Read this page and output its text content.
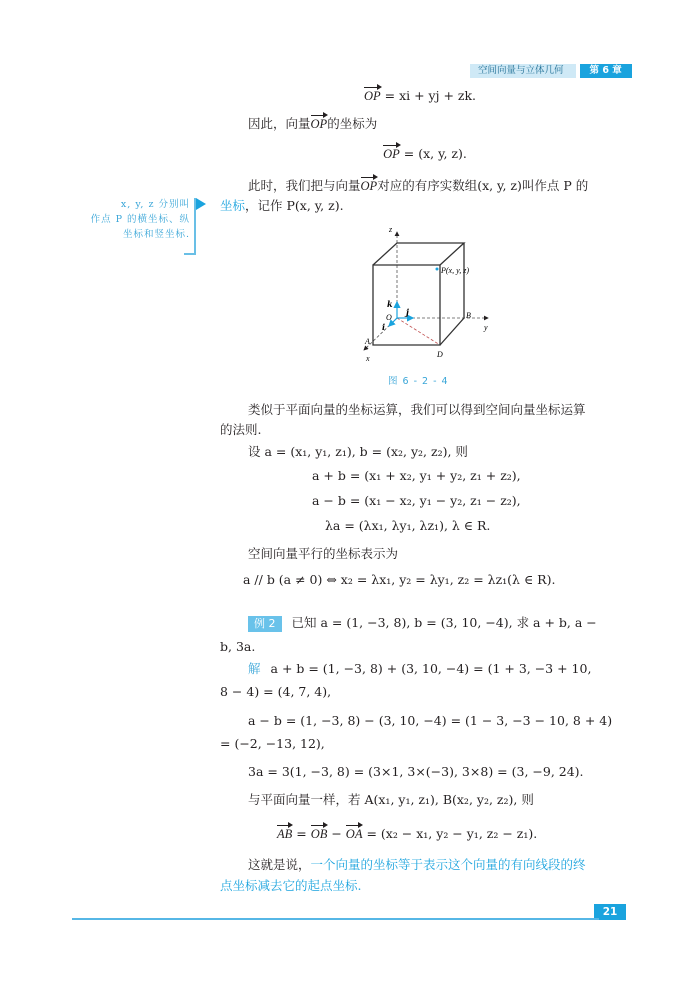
空间向量与立体几何	第 6 章
OP = xi + yj + zk.
因此，向量OP的坐标为
OP = (x, y, z).
此时，我们把与向量OP对应的有序实数组(x, y, z)叫作点 P 的
坐标，记作 P(x, y, z).
x, y, z 分别叫
作点 P 的横坐标、纵
坐标和竖坐标.	z
y
x
O
A
B
D
P(x, y, z)
k
j
i
图 6 - 2 - 4
类似于平面向量的坐标运算，我们可以得到空间向量坐标运算
的法则.
设 a = (x₁, y₁, z₁), b = (x₂, y₂, z₂), 则
a + b = (x₁ + x₂, y₁ + y₂, z₁ + z₂),
a − b = (x₁ − x₂, y₁ − y₂, z₁ − z₂),
λa = (λx₁, λy₁, λz₁), λ ∈ R.
空间向量平行的坐标表示为
a // b (a ≠ 0) ⇔ x₂ = λx₁, y₂ = λy₁, z₂ = λz₁(λ ∈ R).
例 2 已知 a = (1, −3, 8), b = (3, 10, −4), 求 a + b, a −
b, 3a.
解 a + b = (1, −3, 8) + (3, 10, −4) = (1 + 3, −3 + 10,
8 − 4) = (4, 7, 4),
a − b = (1, −3, 8) − (3, 10, −4) = (1 − 3, −3 − 10, 8 + 4)
= (−2, −13, 12),
3a = 3(1, −3, 8) = (3×1, 3×(−3), 3×8) = (3, −9, 24).
与平面向量一样，若 A(x₁, y₁, z₁), B(x₂, y₂, z₂), 则
AB = OB − OA = (x₂ − x₁, y₂ − y₁, z₂ − z₁).
这就是说，一个向量的坐标等于表示这个向量的有向线段的终
点坐标减去它的起点坐标.
21
